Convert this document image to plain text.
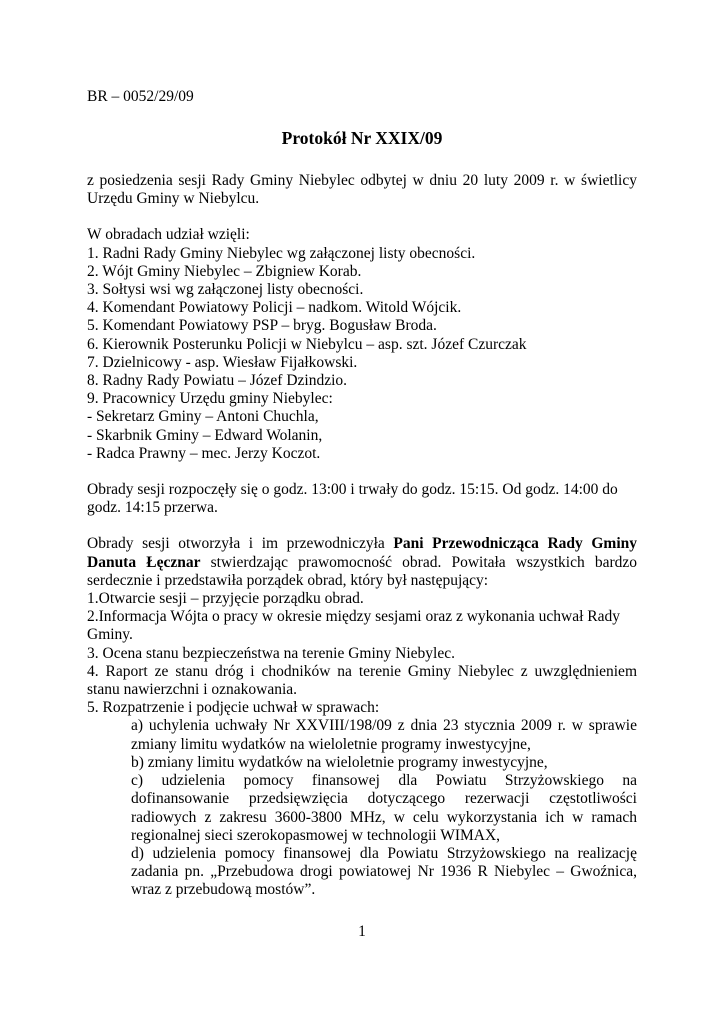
BR – 0052/29/09

Protokół Nr XXIX/09

z posiedzenia sesji Rady Gminy Niebylec odbytej w dniu 20 luty 2009 r. w świetlicy Urzędu Gminy w Niebylcu.

W obradach udział wzięli:

1. Radni Rady Gminy Niebylec wg załączonej listy obecności.

2. Wójt Gminy Niebylec – Zbigniew Korab.

3. Sołtysi wsi wg załączonej listy obecności.

4. Komendant Powiatowy Policji – nadkom. Witold Wójcik.

5. Komendant Powiatowy PSP – bryg. Bogusław Broda.

6. Kierownik Posterunku Policji w Niebylcu – asp. szt. Józef Czurczak

7. Dzielnicowy - asp. Wiesław Fijałkowski.

8. Radny Rady Powiatu – Józef Dzindzio.

9. Pracownicy Urzędu gminy Niebylec:

- Sekretarz Gminy – Antoni Chuchla,

- Skarbnik Gminy – Edward Wolanin,

- Radca Prawny – mec. Jerzy Koczot.

Obrady sesji rozpoczęły się o godz. 13:00 i trwały do godz. 15:15. Od godz. 14:00 do godz. 14:15 przerwa.

Obrady sesji otworzyła i im przewodniczyła Pani Przewodnicząca Rady Gminy Danuta Łęcznar stwierdzając prawomocność obrad. Powitała wszystkich bardzo serdecznie i przedstawiła porządek obrad, który był następujący:

1.Otwarcie sesji – przyjęcie porządku obrad.

2.Informacja Wójta o pracy w okresie między sesjami oraz z wykonania uchwał Rady Gminy.

3. Ocena stanu bezpieczeństwa na terenie Gminy Niebylec.

4. Raport ze stanu dróg i chodników na terenie Gminy Niebylec z uwzględnieniem stanu nawierzchni i oznakowania.

5. Rozpatrzenie i podjęcie uchwał w sprawach:

a) uchylenia uchwały Nr XXVIII/198/09 z dnia 23 stycznia 2009 r. w sprawie zmiany limitu wydatków na wieloletnie programy inwestycyjne,

b) zmiany limitu wydatków na wieloletnie programy inwestycyjne,

c) udzielenia pomocy finansowej dla Powiatu Strzyżowskiego na dofinansowanie przedsięwzięcia dotyczącego rezerwacji częstotliwości radiowych z zakresu 3600-3800 MHz, w celu wykorzystania ich w ramach regionalnej sieci szerokopasmowej w technologii WIMAX,

d) udzielenia pomocy finansowej dla Powiatu Strzyżowskiego na realizację zadania pn. „Przebudowa drogi powiatowej Nr 1936 R Niebylec – Gwoźnica, wraz z przebudową mostów”.

1
